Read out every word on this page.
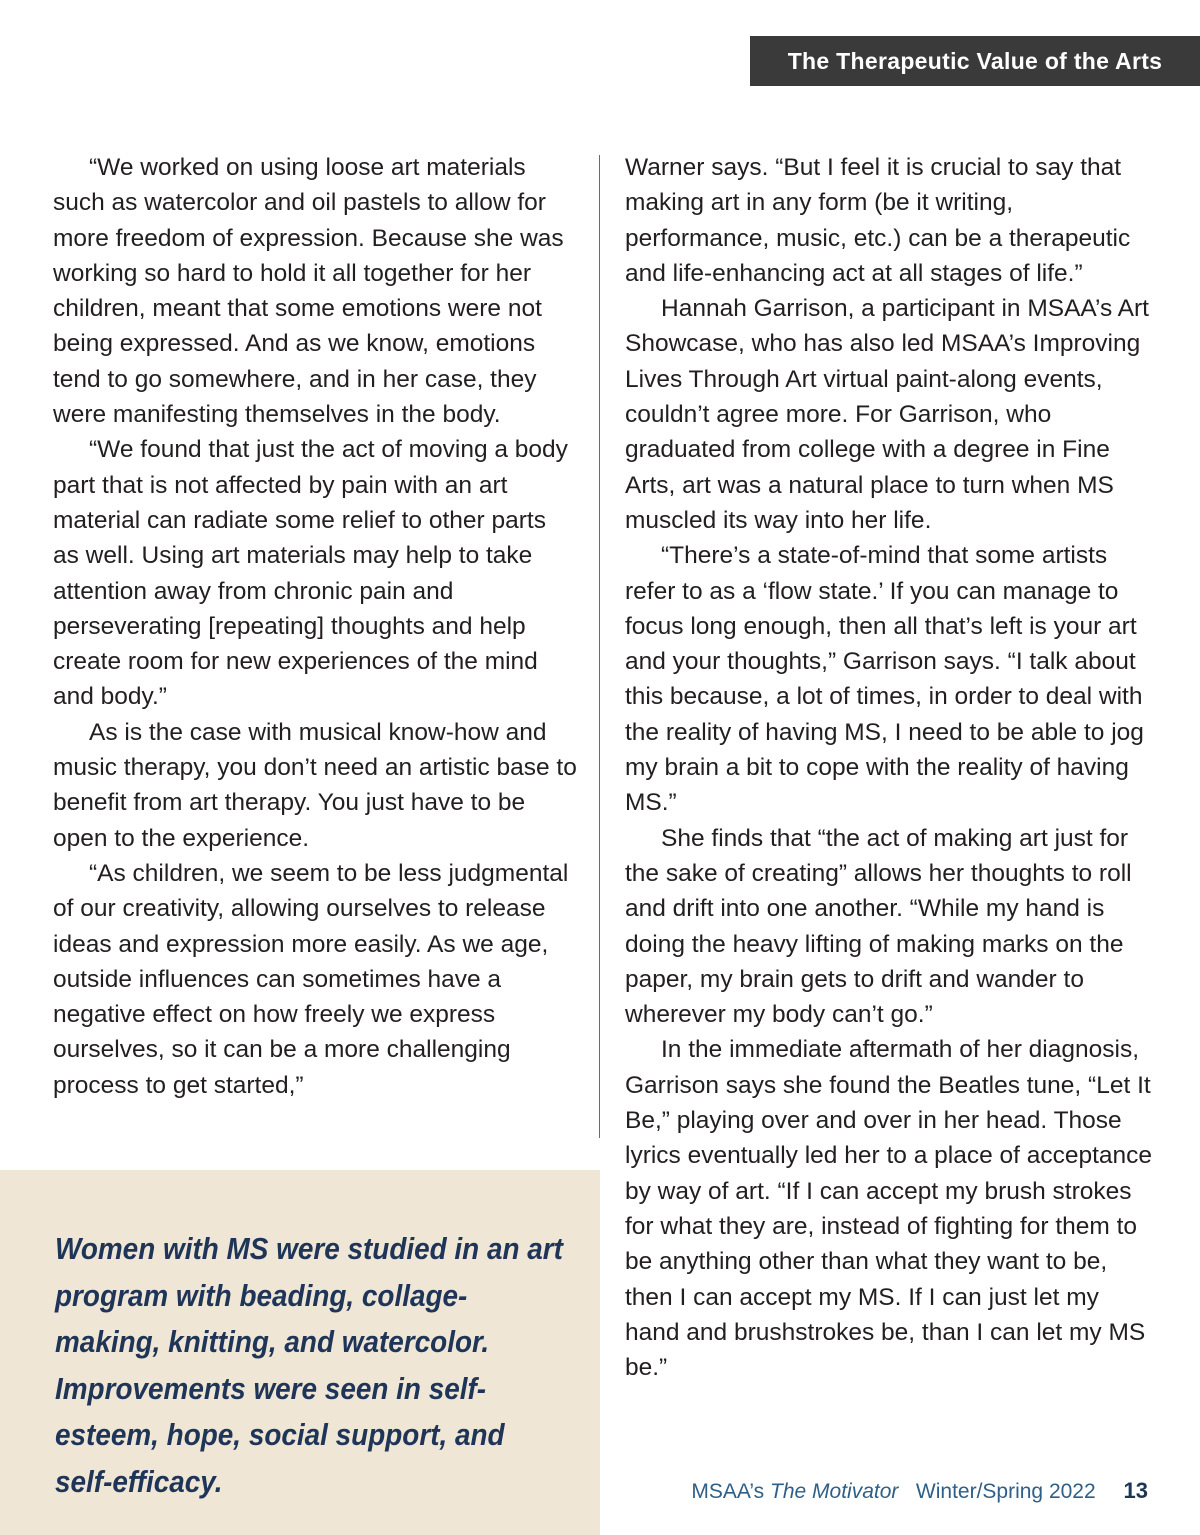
The Therapeutic Value of the Arts

“We worked on using loose art materials such as watercolor and oil pastels to allow for more freedom of expression. Because she was working so hard to hold it all together for her children, meant that some emotions were not being expressed. And as we know, emotions tend to go somewhere, and in her case, they were manifesting themselves in the body.

“We found that just the act of moving a body part that is not affected by pain with an art material can radiate some relief to other parts as well. Using art materials may help to take attention away from chronic pain and perseverating [repeating] thoughts and help create room for new experiences of the mind and body.”

As is the case with musical know-how and music therapy, you don’t need an artistic base to benefit from art therapy. You just have to be open to the experience.

“As children, we seem to be less judgmental of our creativity, allowing ourselves to release ideas and expression more easily. As we age, outside influences can sometimes have a negative effect on how freely we express ourselves, so it can be a more challenging process to get started,”

Warner says. “But I feel it is crucial to say that making art in any form (be it writing, performance, music, etc.) can be a therapeutic and life-enhancing act at all stages of life.”

Hannah Garrison, a participant in MSAA’s Art Showcase, who has also led MSAA’s Improving Lives Through Art virtual paint-along events, couldn’t agree more. For Garrison, who graduated from college with a degree in Fine Arts, art was a natural place to turn when MS muscled its way into her life.

“There’s a state-of-mind that some artists refer to as a ‘flow state.’ If you can manage to focus long enough, then all that’s left is your art and your thoughts,” Garrison says. “I talk about this because, a lot of times, in order to deal with the reality of having MS, I need to be able to jog my brain a bit to cope with the reality of having MS.”

She finds that “the act of making art just for the sake of creating” allows her thoughts to roll and drift into one another. “While my hand is doing the heavy lifting of making marks on the paper, my brain gets to drift and wander to wherever my body can’t go.”

In the immediate aftermath of her diagnosis, Garrison says she found the Beatles tune, “Let It Be,” playing over and over in her head. Those lyrics eventually led her to a place of acceptance by way of art. “If I can accept my brush strokes for what they are, instead of fighting for them to be anything other than what they want to be, then I can accept my MS. If I can just let my hand and brushstrokes be, than I can let my MS be.”

Women with MS were studied in an art program with beading, collage-making, knitting, and watercolor. Improvements were seen in self-esteem, hope, social support, and self-efficacy.	MSAA’s The Motivator Winter/Spring 2022 13
